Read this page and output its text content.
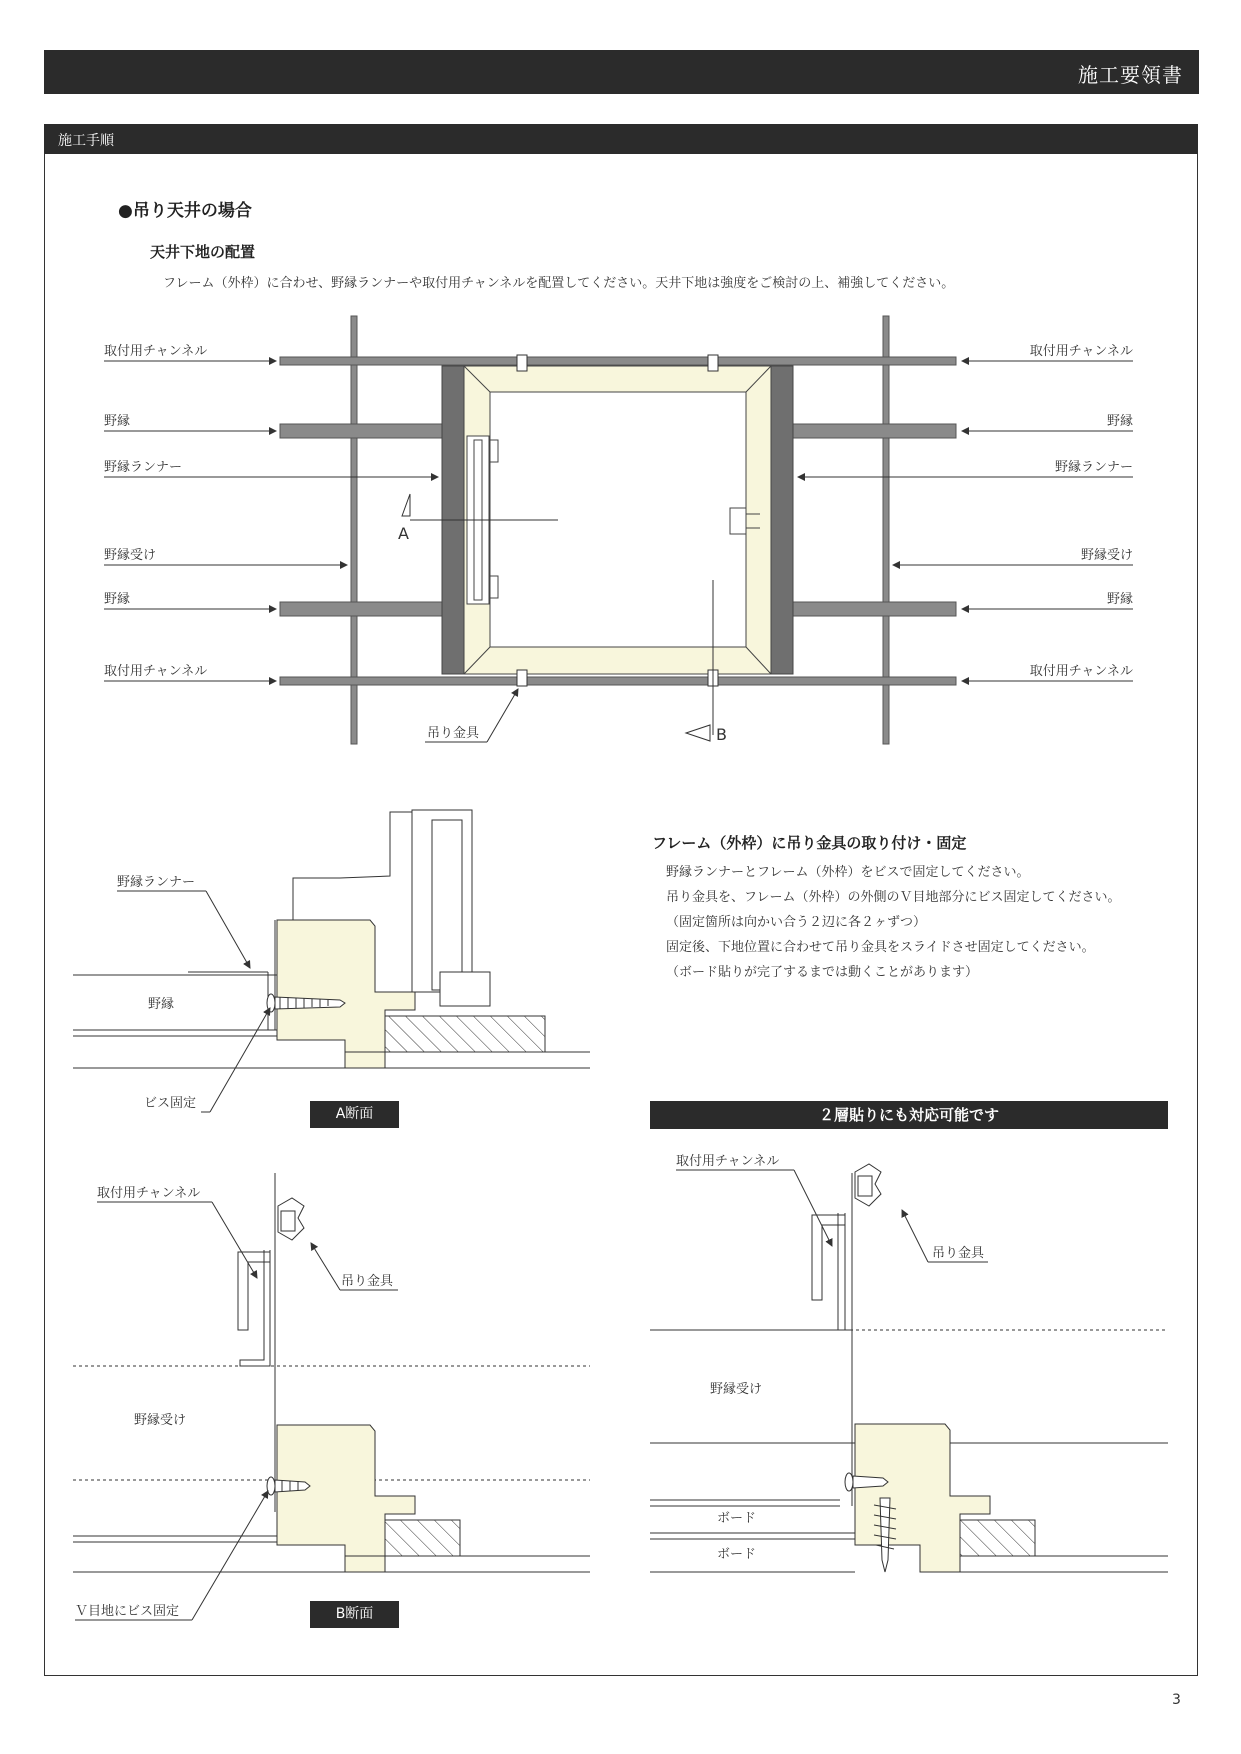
施工要領書
施工手順
●吊り天井の場合
天井下地の配置
フレーム（外枠）に合わせ、野縁ランナーや取付用チャンネルを配置してください。天井下地は強度をご検討の上、補強してください。
A
B
取付用チャンネル
野縁
野縁ランナー
野縁受け
野縁
取付用チャンネル
取付用チャンネル
野縁
野縁ランナー
野縁受け
野縁
取付用チャンネル
吊り金具
野縁ランナー
野縁
ビス固定
取付用チャンネル
吊り金具
野縁受け
Ｖ目地にビス固定
取付用チャンネル
吊り金具
野縁受け
ボード
ボード
フレーム（外枠）に吊り金具の取り付け・固定
野縁ランナーとフレーム（外枠）をビスで固定してください。
吊り金具を、フレーム（外枠）の外側のＶ目地部分にビス固定してください。
（固定箇所は向かい合う２辺に各２ヶずつ）
固定後、下地位置に合わせて吊り金具をスライドさせ固定してください。
（ボード貼りが完了するまでは動くことがあります）
A断面
B断面
２層貼りにも対応可能です
3
